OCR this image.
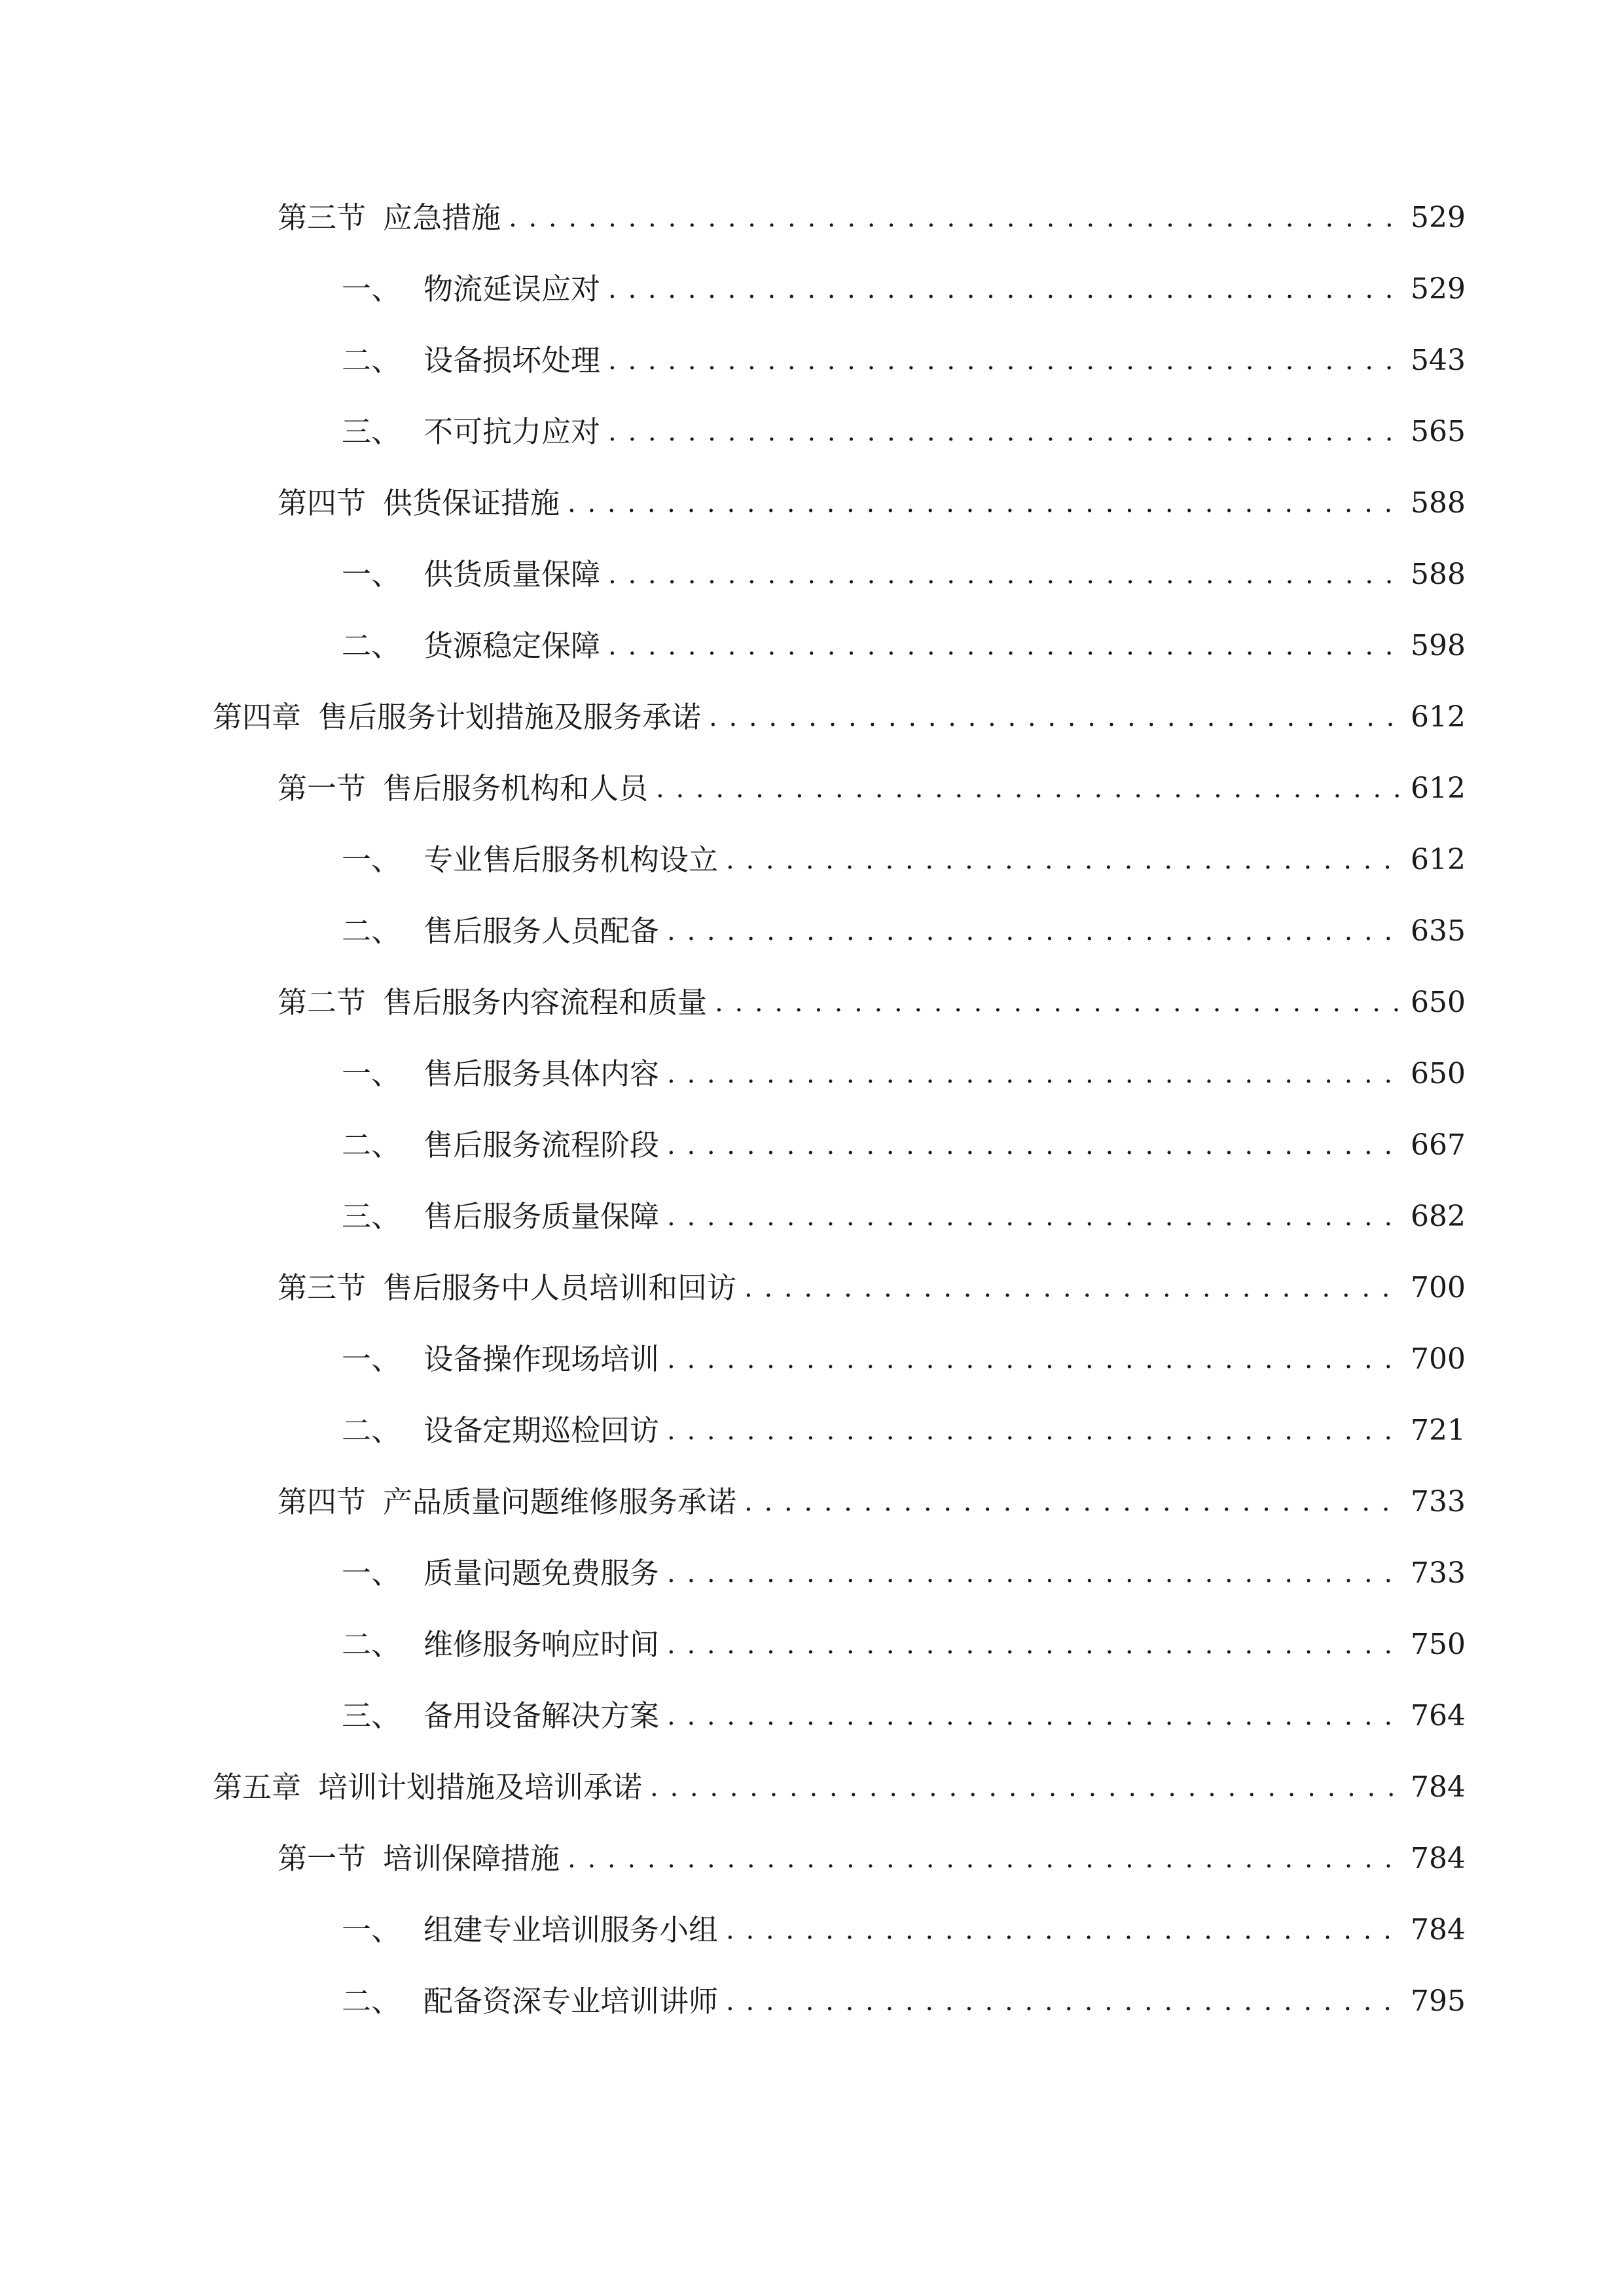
第三节 应急措施 . . .	529
一、 物流延误应对 . . .	529
二、 设备损坏处理 . . .	543
三、 不可抗力应对 . . .	565
第四节 供货保证措施 . . .	588
一、 供货质量保障 . . .	588
二、 货源稳定保障 . . .	598
第四章 售后服务计划措施及服务承诺 . . .	612
第一节 售后服务机构和人员 . . .	612
一、 专业售后服务机构设立 . . .	612
二、 售后服务人员配备 . . .	635
第二节 售后服务内容流程和质量 . . .	650
一、 售后服务具体内容 . . .	650
二、 售后服务流程阶段 . . .	667
三、 售后服务质量保障 . . .	682
第三节 售后服务中人员培训和回访 . . .	700
一、 设备操作现场培训 . . .	700
二、 设备定期巡检回访 . . .	721
第四节 产品质量问题维修服务承诺 . . .	733
一、 质量问题免费服务 . . .	733
二、 维修服务响应时间 . . .	750
三、 备用设备解决方案 . . .	764
第五章 培训计划措施及培训承诺 . . .	784
第一节 培训保障措施 . . .	784
一、 组建专业培训服务小组 . . .	784
二、 配备资深专业培训讲师 . . .	795
